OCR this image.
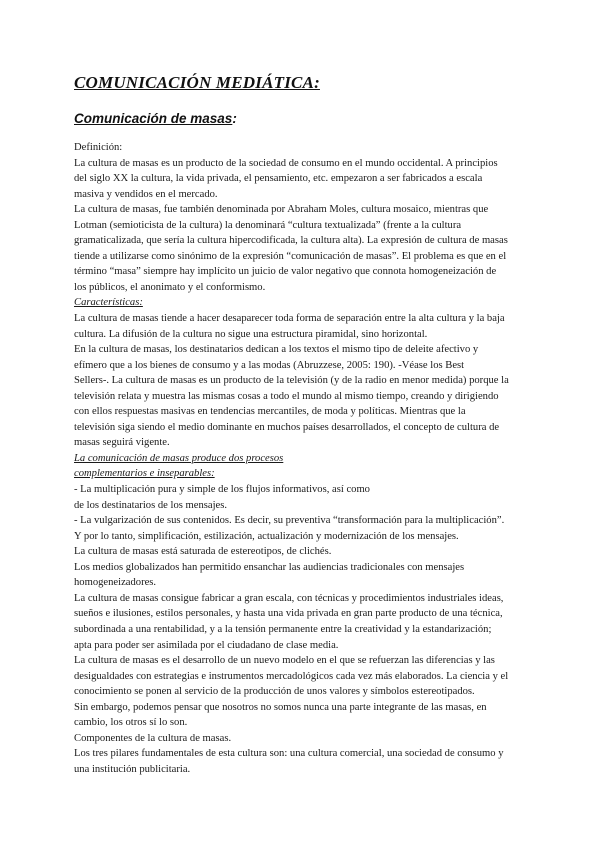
COMUNICACIÓN MEDIÁTICA:
Comunicación de masas:
Definición:
La cultura de masas es un producto de la sociedad de consumo en el mundo occidental. A principios
del siglo XX la cultura, la vida privada, el pensamiento, etc. empezaron a ser fabricados a escala
masiva y vendidos en el mercado.
La cultura de masas, fue también denominada por Abraham Moles, cultura mosaico, mientras que
Lotman (semioticista de la cultura) la denominará “cultura textualizada” (frente a la cultura
gramaticalizada, que sería la cultura hipercodificada, la cultura alta). La expresión de cultura de masas
tiende a utilizarse como sinónimo de la expresión “comunicación de masas”. El problema es que en el
término “masa” siempre hay implícito un juicio de valor negativo que connota homogeneización de
los públicos, el anonimato y el conformismo.
Características:
La cultura de masas tiende a hacer desaparecer toda forma de separación entre la alta cultura y la baja
cultura. La difusión de la cultura no sigue una estructura piramidal, sino horizontal.
En la cultura de masas, los destinatarios dedican a los textos el mismo tipo de deleite afectivo y
efímero que a los bienes de consumo y a las modas (Abruzzese, 2005: 190). -Véase los Best
Sellers-. La cultura de masas es un producto de la televisión (y de la radio en menor medida) porque la
televisión relata y muestra las mismas cosas a todo el mundo al mismo tiempo, creando y dirigiendo
con ellos respuestas masivas en tendencias mercantiles, de moda y políticas. Mientras que la
televisión siga siendo el medio dominante en muchos países desarrollados, el concepto de cultura de
masas seguirá vigente.
La comunicación de masas produce dos procesos
complementarios e inseparables:
- La multiplicación pura y simple de los flujos informativos, así como
de los destinatarios de los mensajes.
- La vulgarización de sus contenidos. Es decir, su preventiva “transformación para la multiplicación”.
Y por lo tanto, simplificación, estilización, actualización y modernización de los mensajes.
La cultura de masas está saturada de estereotipos, de clichés.
Los medios globalizados han permitido ensanchar las audiencias tradicionales con mensajes
homogeneizadores.
La cultura de masas consigue fabricar a gran escala, con técnicas y procedimientos industriales ideas,
sueños e ilusiones, estilos personales, y hasta una vida privada en gran parte producto de una técnica,
subordinada a una rentabilidad, y a la tensión permanente entre la creatividad y la estandarización;
apta para poder ser asimilada por el ciudadano de clase media.
La cultura de masas es el desarrollo de un nuevo modelo en el que se refuerzan las diferencias y las
desigualdades con estrategias e instrumentos mercadológicos cada vez más elaborados. La ciencia y el
conocimiento se ponen al servicio de la producción de unos valores y símbolos estereotipados.
Sin embargo, podemos pensar que nosotros no somos nunca una parte integrante de las masas, en
cambio, los otros sí lo son.
Componentes de la cultura de masas.
Los tres pilares fundamentales de esta cultura son: una cultura comercial, una sociedad de consumo y
una institución publicitaria.
